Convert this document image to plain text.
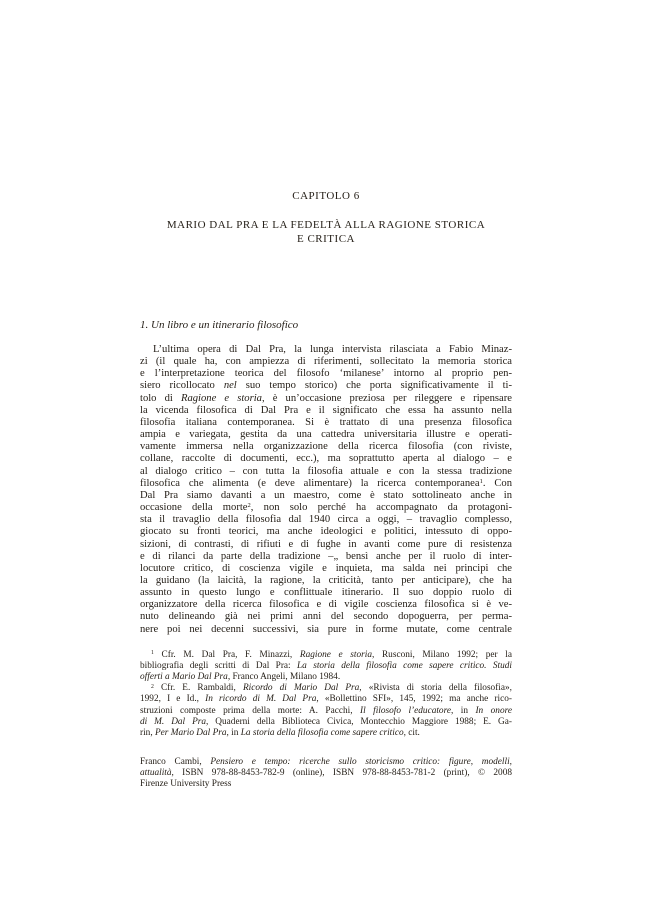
CAPITOLO 6
MARIO DAL PRA E LA FEDELTÀ ALLA RAGIONE STORICA
E CRITICA
1. Un libro e un itinerario filosofico
L’ultima opera di Dal Pra, la lunga intervista rilasciata a Fabio Minaz-
zi (il quale ha, con ampiezza di riferimenti, sollecitato la memoria storica
e l’interpretazione teorica del filosofo ‘milanese’ intorno al proprio pen-
siero ricollocato nel suo tempo storico) che porta significativamente il ti-
tolo di Ragione e storia, è un’occasione preziosa per rileggere e ripensare
la vicenda filosofica di Dal Pra e il significato che essa ha assunto nella
filosofia italiana contemporanea. Si è trattato di una presenza filosofica
ampia e variegata, gestita da una cattedra universitaria illustre e operati-
vamente immersa nella organizzazione della ricerca filosofia (con riviste,
collane, raccolte di documenti, ecc.), ma soprattutto aperta al dialogo – e
al dialogo critico – con tutta la filosofia attuale e con la stessa tradizione
filosofica che alimenta (e deve alimentare) la ricerca contemporanea$^1$. Con
Dal Pra siamo davanti a un maestro, come è stato sottolineato anche in
occasione della morte$^2$, non solo perché ha accompagnato da protagoni-
sta il travaglio della filosofia dal 1940 circa a oggi, – travaglio complesso,
giocato su fronti teorici, ma anche ideologici e politici, intessuto di oppo-
sizioni, di contrasti, di rifiuti e di fughe in avanti come pure di resistenza
e di rilanci da parte della tradizione –„ bensì anche per il ruolo di inter-
locutore critico, di coscienza vigile e inquieta, ma salda nei principi che
la guidano (la laicità, la ragione, la criticità, tanto per anticipare), che ha
assunto in questo lungo e conflittuale itinerario. Il suo doppio ruolo di
organizzatore della ricerca filosofica e di vigile coscienza filosofica si è ve-
nuto delineando già nei primi anni del secondo dopoguerra, per perma-
nere poi nei decenni successivi, sia pure in forme mutate, come centrale
$^1$ Cfr. M. Dal Pra, F. Minazzi, Ragione e storia, Rusconi, Milano 1992; per la
bibliografia degli scritti di Dal Pra: La storia della filosofia come sapere critico. Studi
offerti a Mario Dal Pra, Franco Angeli, Milano 1984.
$^2$ Cfr. E. Rambaldi, Ricordo di Mario Dal Pra, «Rivista di storia della filosofia»,
1992, I e Id., In ricordo di M. Dal Pra, «Bollettino SFI», 145, 1992; ma anche rico-
struzioni composte prima della morte: A. Pacchi, Il filosofo l’educatore, in In onore
di M. Dal Pra, Quaderni della Biblioteca Civica, Montecchio Maggiore 1988; E. Ga-
rin, Per Mario Dal Pra, in La storia della filosofia come sapere critico, cit.
Franco Cambi, Pensiero e tempo: ricerche sullo storicismo critico: figure, modelli,
attualità, ISBN 978-88-8453-782-9 (online), ISBN 978-88-8453-781-2 (print), © 2008
Firenze University Press
